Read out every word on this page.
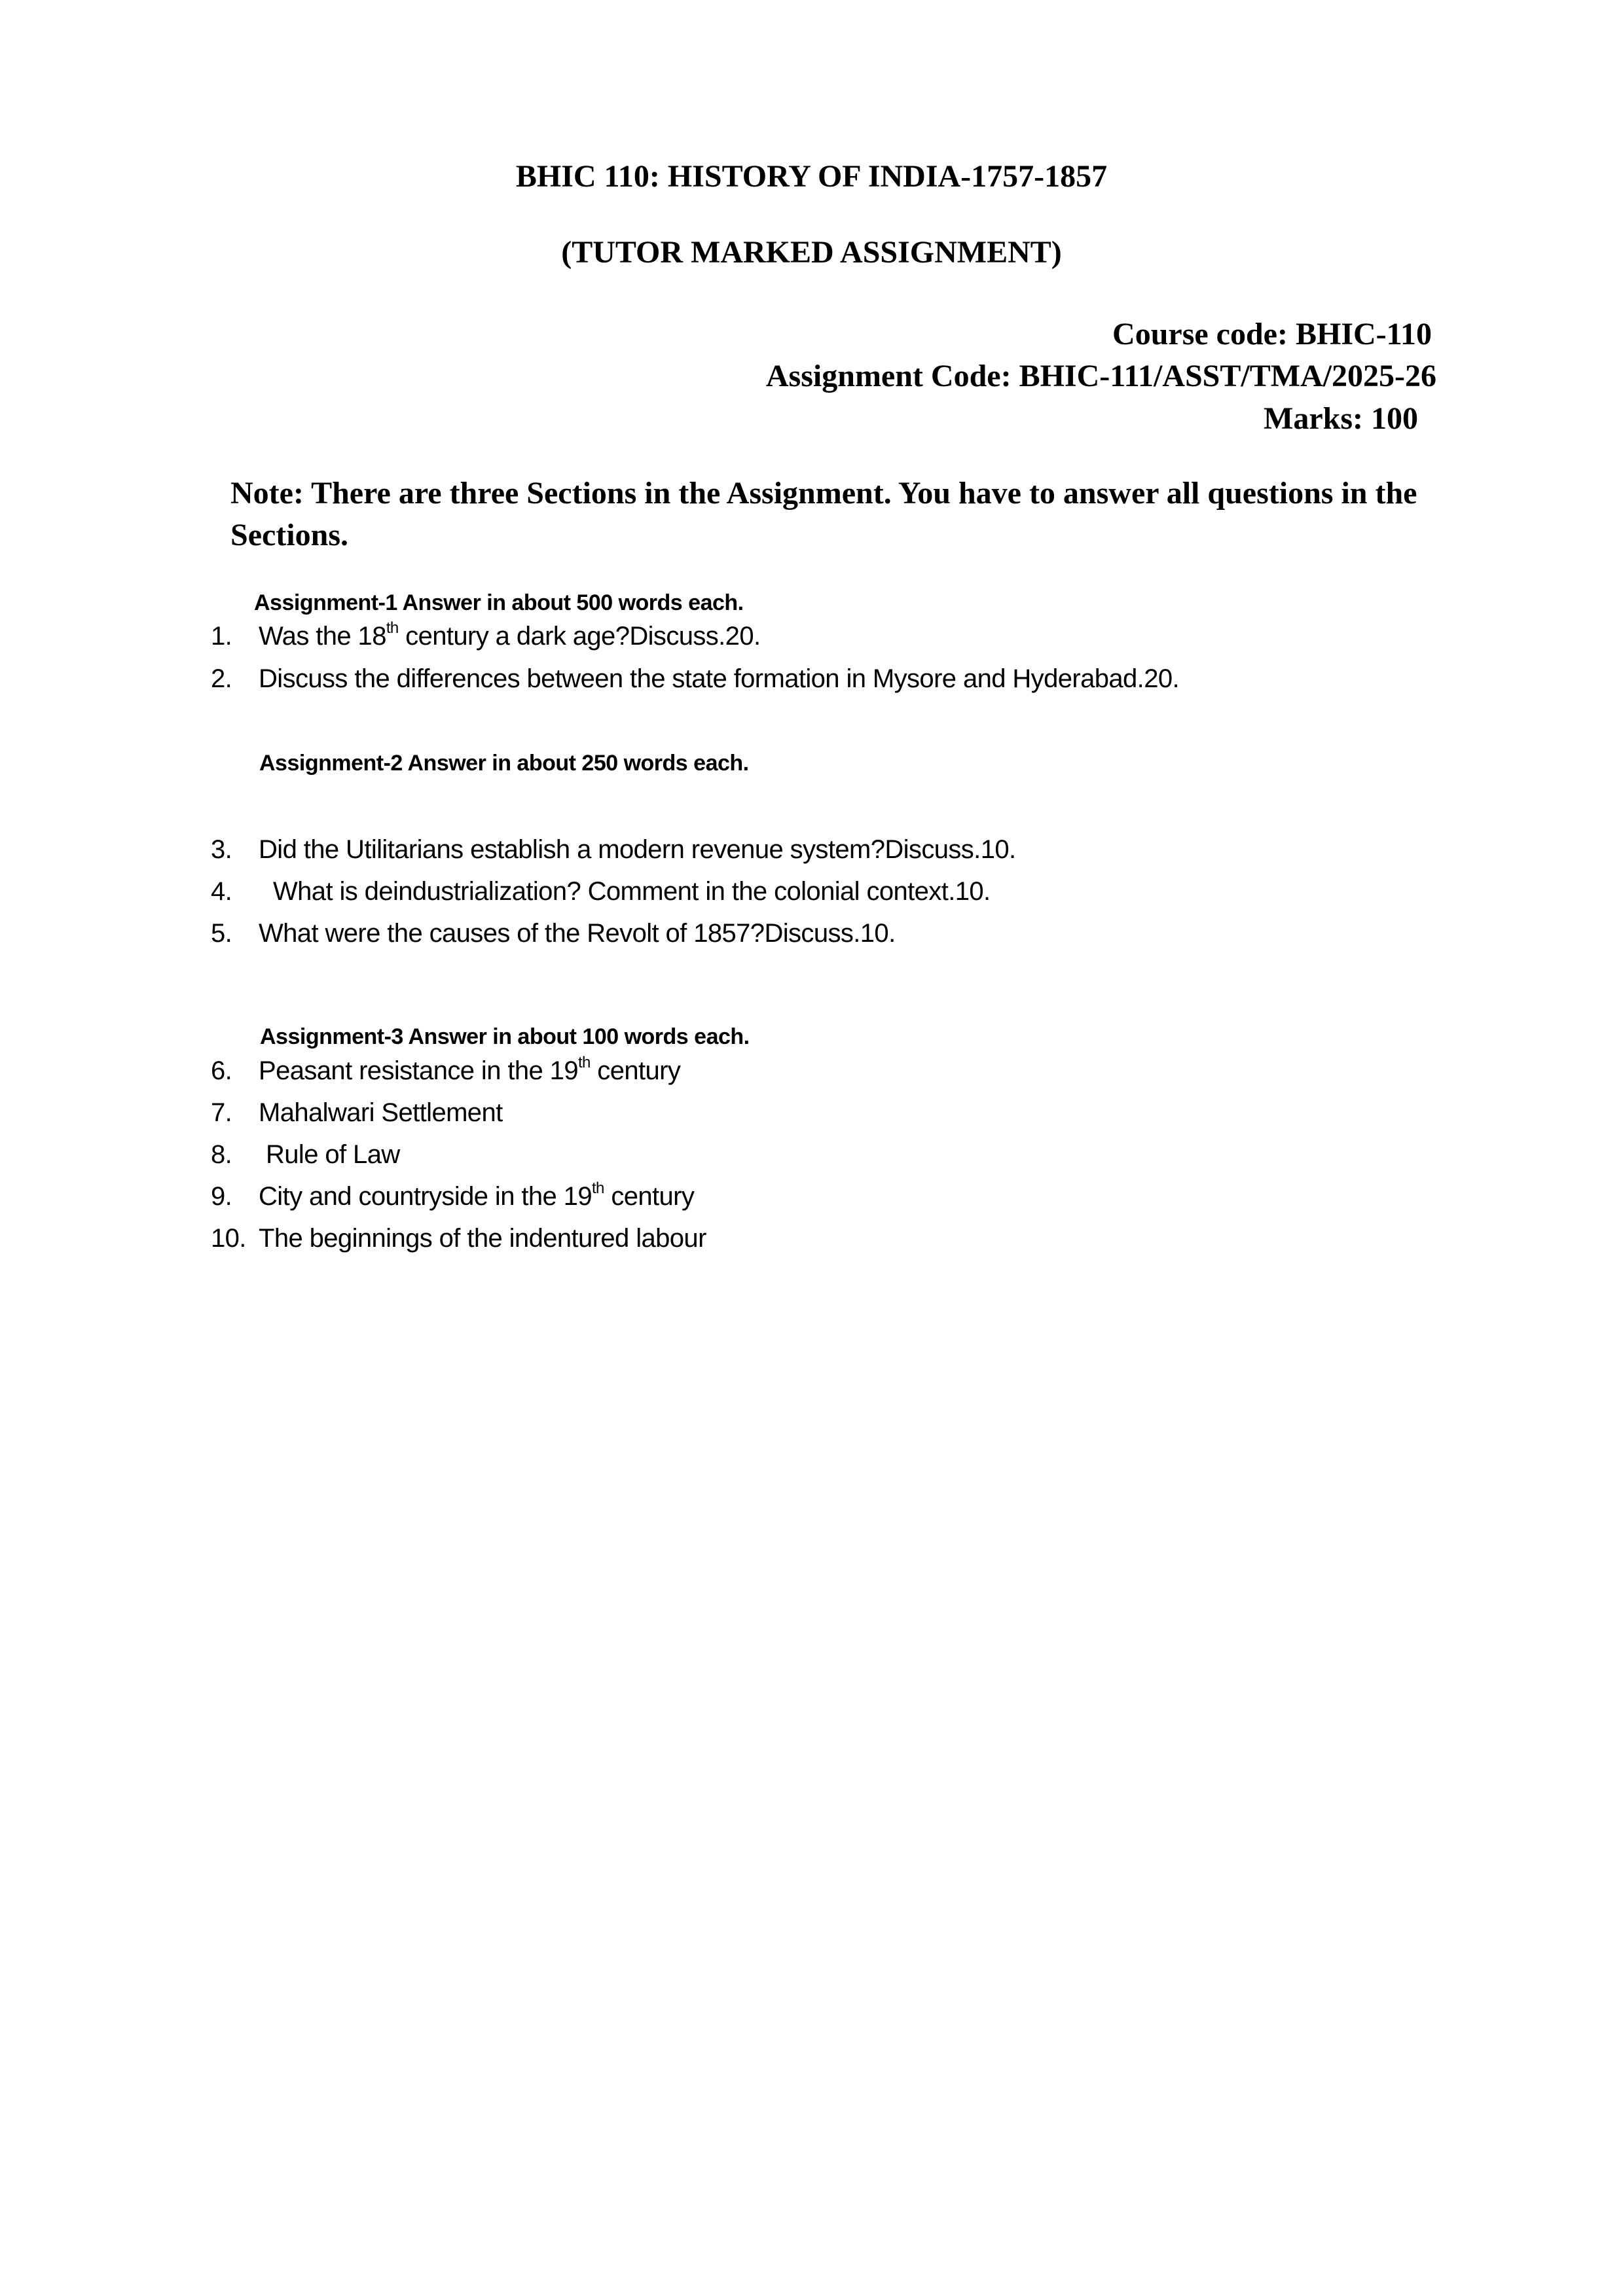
BHIC 110: HISTORY OF INDIA-1757-1857
(TUTOR MARKED ASSIGNMENT)
Course code: BHIC-110
Assignment Code: BHIC-111/ASST/TMA/2025-26
Marks: 100
Note: There are three Sections in the Assignment. You have to answer all questions in the Sections.
Assignment-1 Answer in about 500 words each.
1. Was the 18th century a dark age?Discuss.20.
2. Discuss the differences between the state formation in Mysore and Hyderabad.20.
Assignment-2 Answer in about 250 words each.
3. Did the Utilitarians establish a modern revenue system?Discuss.10.
4. What is deindustrialization? Comment in the colonial context.10.
5. What were the causes of the Revolt of 1857?Discuss.10.
Assignment-3 Answer in about 100 words each.
6. Peasant resistance in the 19th century
7. Mahalwari Settlement
8. Rule of Law
9. City and countryside in the 19th century
10. The beginnings of the indentured labour
